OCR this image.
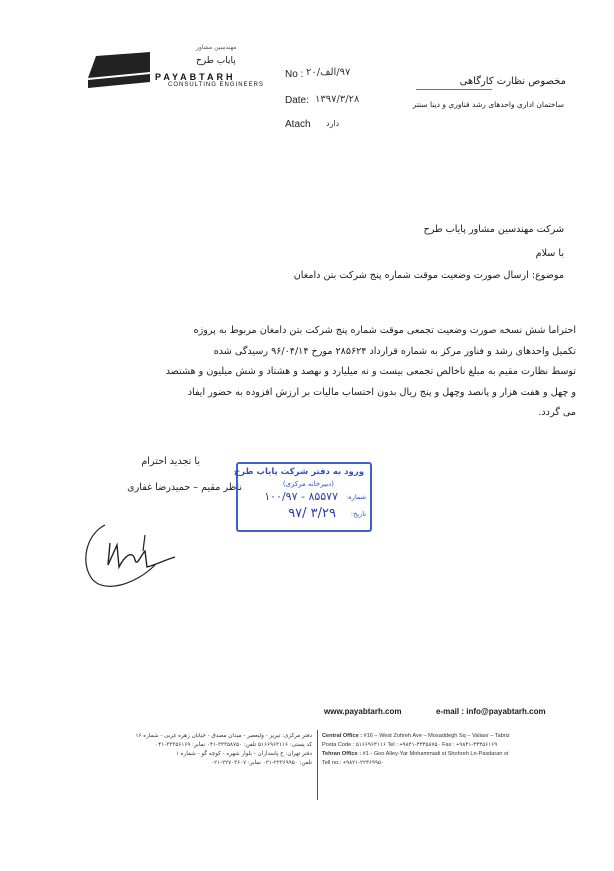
مهندسین مشاور
پایاب طرح
PAYABTARH
CONSULTING ENGINEERS
No : ۹۷/الف/۲۰
Date: ۱۳۹۷/۳/۲۸
Atach دارد
مخصوص نظارت کارگاهی
ساختمان اداری واحدهای رشد فناوری و دینا سنتر
شرکت مهندسین مشاور پایاب طرح
با سلام
موضوع: ارسال صورت وضعیت موقت شماره پنج شرکت بتن دامغان
احتراما شش نسخه صورت وضعیت تجمعی موقت شماره پنج شرکت بتن دامغان مربوط به پروژه
تکمیل واحدهای رشد و فناور مرکز به شماره قرارداد ۲۸۵۶۲۴ مورخ ۹۶/۰۴/۱۴ رسیدگی شده
توسط نظارت مقیم به مبلغ ناخالص تجمعی بیست و نه میلیارد و نهصد و هشتاد و شش میلیون و هشتصد
و چهل و هفت هزار و پانصد وچهل و پنج ریال بدون احتساب مالیات بر ارزش افزوده به حضور ایفاد
می گردد.
با تجدید احترام
ناظر مقیم – حمیدرضا غفاری
ورود به دفتر شرکت پایاب طرح
(دبیرخانه مرکزی)
شماره:
۱۰۰/۹۷ - ۸۵۵۷۷
تاریخ:
۹۷/ ۳/۲۹
www.payabtarh.com	e-mail : info@payabtarh.com
Central Office : #16 – West Zohreh Ave – Mosaddegh Sq – Valiasr – Tabriz
Posta Code : ۵۱۶۶۹۶۳۱۱۶ Tel : +۹۸۴۱-۳۳۳۵۸۷۵۰ Fax : +۹۸۴۱-۳۳۳۵۶۱۶۹
Tehran Office : #1 - Goo Alley-Yar Mohammadi st Shohreh Ln-Pasdaran st
Tell no.: +۹۸۲۱-۲۲۳۶۹۹۵۰
دفتر مرکزی: تبریز - ولیعصر - میدان مصدق - خیابان زهره غربی - شماره ۱۶
کد پستی: ۵۱۶۶۹۶۳۱۱۶ تلفن: ۳۳۳۵۸۷۵۰-۰۴۱ نمابر: ۳۳۳۵۶۱۶۹-۰۴۱
دفتر تهران: خ پاسداران - بلوار شهره - کوچه گو - شماره ۱
تلفن: ۲۲۳۶۹۹۵۰-۰۲۱ نمابر: ۲۲۷۰۳۶۰۷-۰۲۱
